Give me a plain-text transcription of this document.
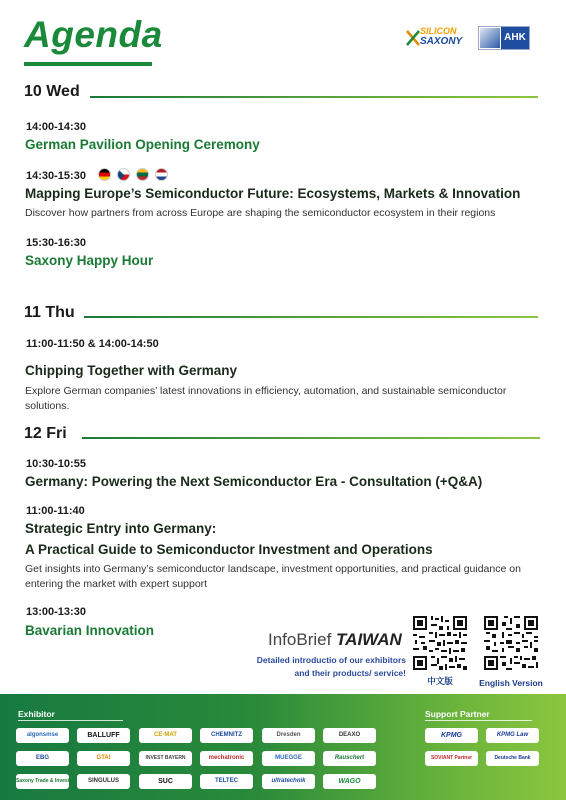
Agenda	SILICON
SAXONY	AHK
10 Wed
14:00-14:30
German Pavilion Opening Ceremony
14:30-15:30
Mapping Europe’s Semiconductor Future: Ecosystems, Markets & Innovation
Discover how partners from across Europe are shaping the semiconductor ecosystem in their regions
15:30-16:30
Saxony Happy Hour
11 Thu
11:00-11:50 & 14:00-14:50
Chipping Together with Germany
Explore German companies’ latest innovations in efficiency, automation, and sustainable semiconductor solutions.
12 Fri
10:30-10:55
Germany: Powering the Next Semiconductor Era - Consultation (+Q&A)
11:00-11:40
Strategic Entry into Germany:
A Practical Guide to Semiconductor Investment and Operations
Get insights into Germany’s semiconductor landscape, investment opportunities, and practical guidance on entering the market with expert support
13:00-13:30
Bavarian Innovation	InfoBrief TAIWAN
Detailed introductio of our exhibitors
and their products/ service!
中文版	English Version
Exhibitor	Support Partner
algonsmse	BALLUFF	CE-MAT	CHEMNITZ	Dresden	DEAXO
EBG	GTAI	INVEST BAYERN	mechatronic	MUEGGE	Rauschert
Saxony Trade & Invest	SINGULUS	SUC	TELTEC	ultratechnik	WAGO
KPMG	KPMG Law
SOVIANT Partner	Deutsche Bank
